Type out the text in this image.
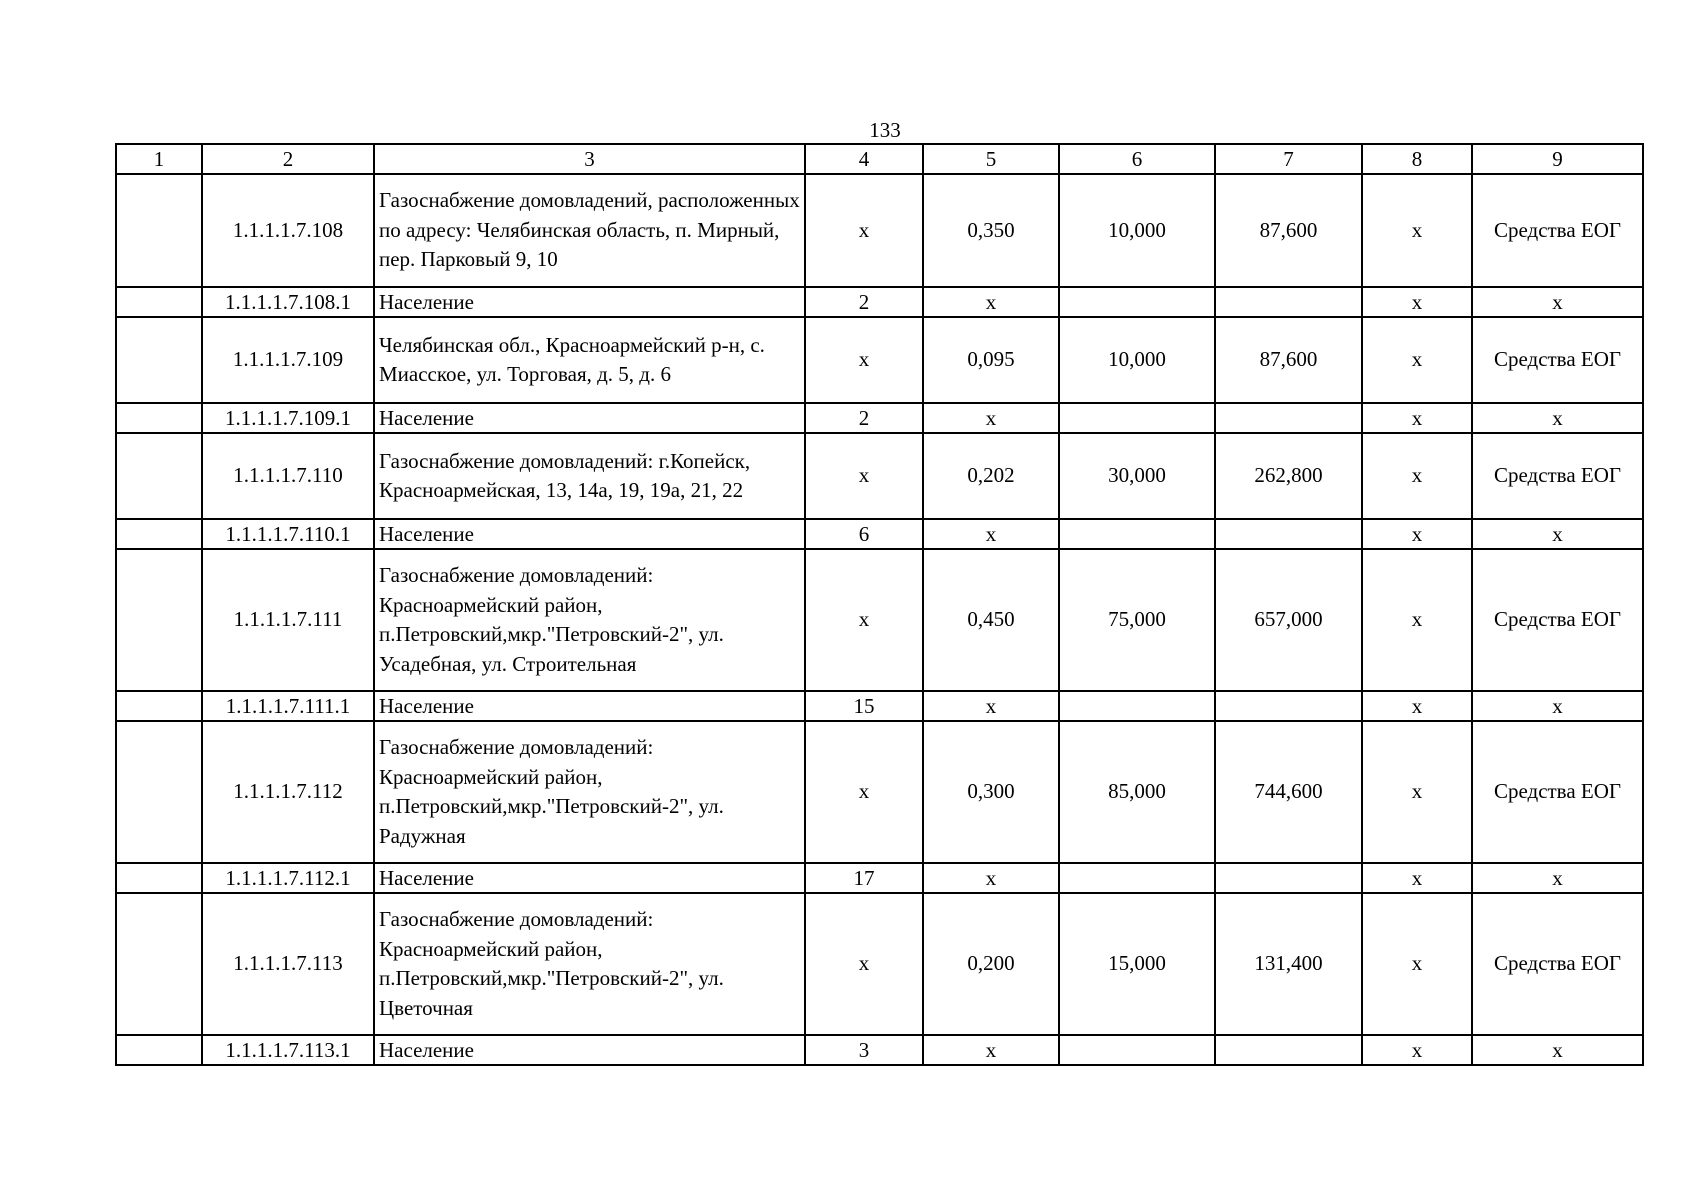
133
1	2	3	4	5	6	7	8	9
	1.1.1.1.7.108	Газоснабжение домовладений, расположенных по адресу: Челябинская область, п. Мирный, пер. Парковый 9, 10	х	0,350	10,000	87,600	х	Средства ЕОГ
	1.1.1.1.7.108.1	Население	2	х			х	х
	1.1.1.1.7.109	Челябинская обл., Красноармейский р-н, с. Миасское, ул. Торговая, д. 5, д. 6	х	0,095	10,000	87,600	х	Средства ЕОГ
	1.1.1.1.7.109.1	Население	2	х			х	х
	1.1.1.1.7.110	Газоснабжение домовладений: г.Копейск, Красноармейская, 13, 14а, 19, 19а, 21, 22	х	0,202	30,000	262,800	х	Средства ЕОГ
	1.1.1.1.7.110.1	Население	6	х			х	х
	1.1.1.1.7.111	Газоснабжение домовладений: Красноармейский район, п.Петровский,мкр."Петровский-2", ул. Усадебная, ул. Строительная	х	0,450	75,000	657,000	х	Средства ЕОГ
	1.1.1.1.7.111.1	Население	15	х			х	х
	1.1.1.1.7.112	Газоснабжение домовладений: Красноармейский район, п.Петровский,мкр."Петровский-2", ул. Радужная	х	0,300	85,000	744,600	х	Средства ЕОГ
	1.1.1.1.7.112.1	Население	17	х			х	х
	1.1.1.1.7.113	Газоснабжение домовладений: Красноармейский район, п.Петровский,мкр."Петровский-2", ул. Цветочная	х	0,200	15,000	131,400	х	Средства ЕОГ
	1.1.1.1.7.113.1	Население	3	х			х	х
